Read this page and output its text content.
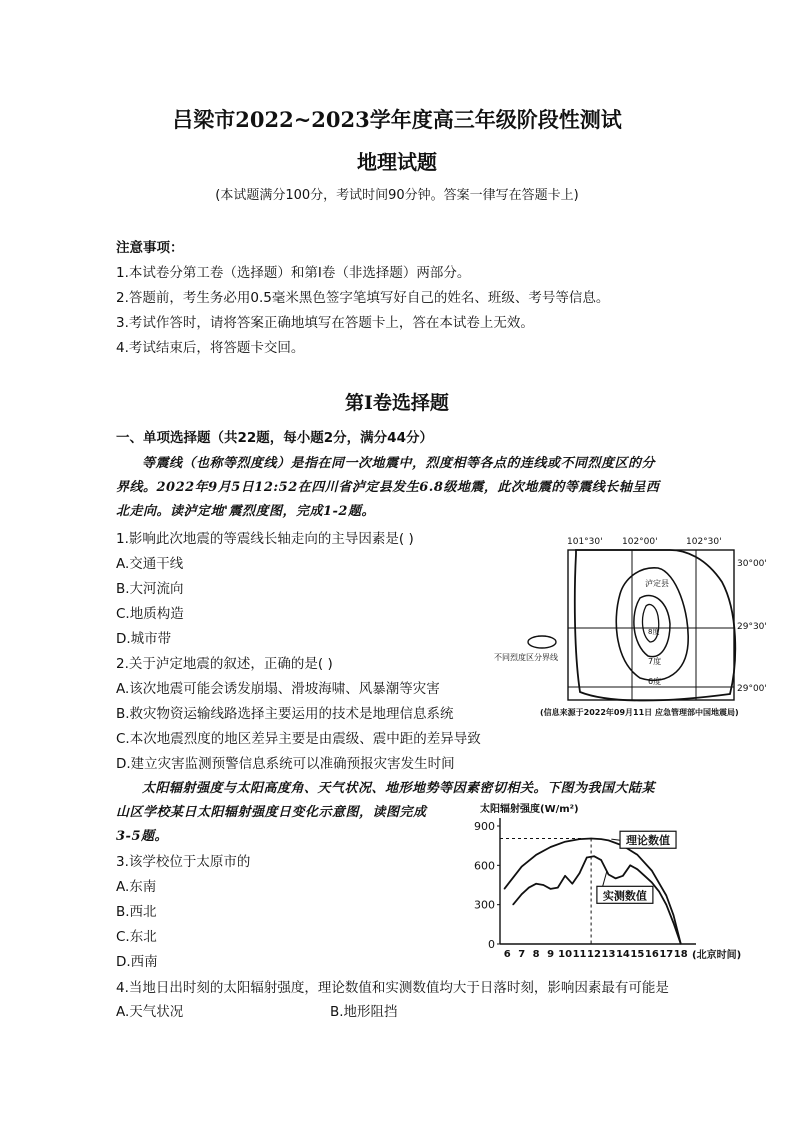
吕梁市2022~2023学年度高三年级阶段性测试
地理试题
(本试题满分100分，考试时间90分钟。答案一律写在答题卡上)
注意事项：
1.本试卷分第工卷（选择题）和第I卷（非选择题）两部分。
2.答题前，考生务必用0.5毫米黑色签字笔填写好自己的姓名、班级、考号等信息。
3.考试作答时，请将答案正确地填写在答题卡上，答在本试卷上无效。
4.考试结束后，将答题卡交回。
第Ⅰ卷选择题
一、单项选择题（共22题，每小题2分，满分44分）
等震线（也称等烈度线）是指在同一次地震中，烈度相等各点的连线或不同烈度区的分
界线。2022年9月5日12:52在四川省泸定县发生6.8级地震，此次地震的等震线长轴呈西
北走向。读泸定地'震烈度图，完成1-2题。
1.影响此次地震的等震线长轴走向的主导因素是( )
A.交通干线
B.大河流向
C.地质构造
D.城市带
2.关于泸定地震的叙述，正确的是( )
A.该次地震可能会诱发崩塌、滑坡海啸、风暴潮等灾害
B.救灾物资运输线路选择主要运用的技术是地理信息系统
C.本次地震烈度的地区差异主要是由震级、震中距的差异导致
D.建立灾害监测预警信息系统可以准确预报灾害发生时间
101°30' 102°00'	102°30'
30°00'
29°30'
29°00'
泸定县
8度
7度
6度
不同烈度区分界线
(信息来源于2022年09月11日 应急管理部中国地震局)
太阳辐射强度与太阳高度角、天气状况、地形地势等因素密切相关。下图为我国大陆某
山区学校某日太阳辐射强度日变化示意图，读图完成
3-5题。
3.该学校位于太原市的
A.东南
B.西北
C.东北
D.西南
4.当地日出时刻的太阳辐射强度，理论数值和实测数值均大于日落时刻，影响因素最有可能是
A.天气状况	B.地形阻挡
太阳辐射强度(W/m²)
(北京时间)
0
300
600
900
6 7 8 9 10 11 12 13 14 15 16 17 18
理论数值
实测数值
